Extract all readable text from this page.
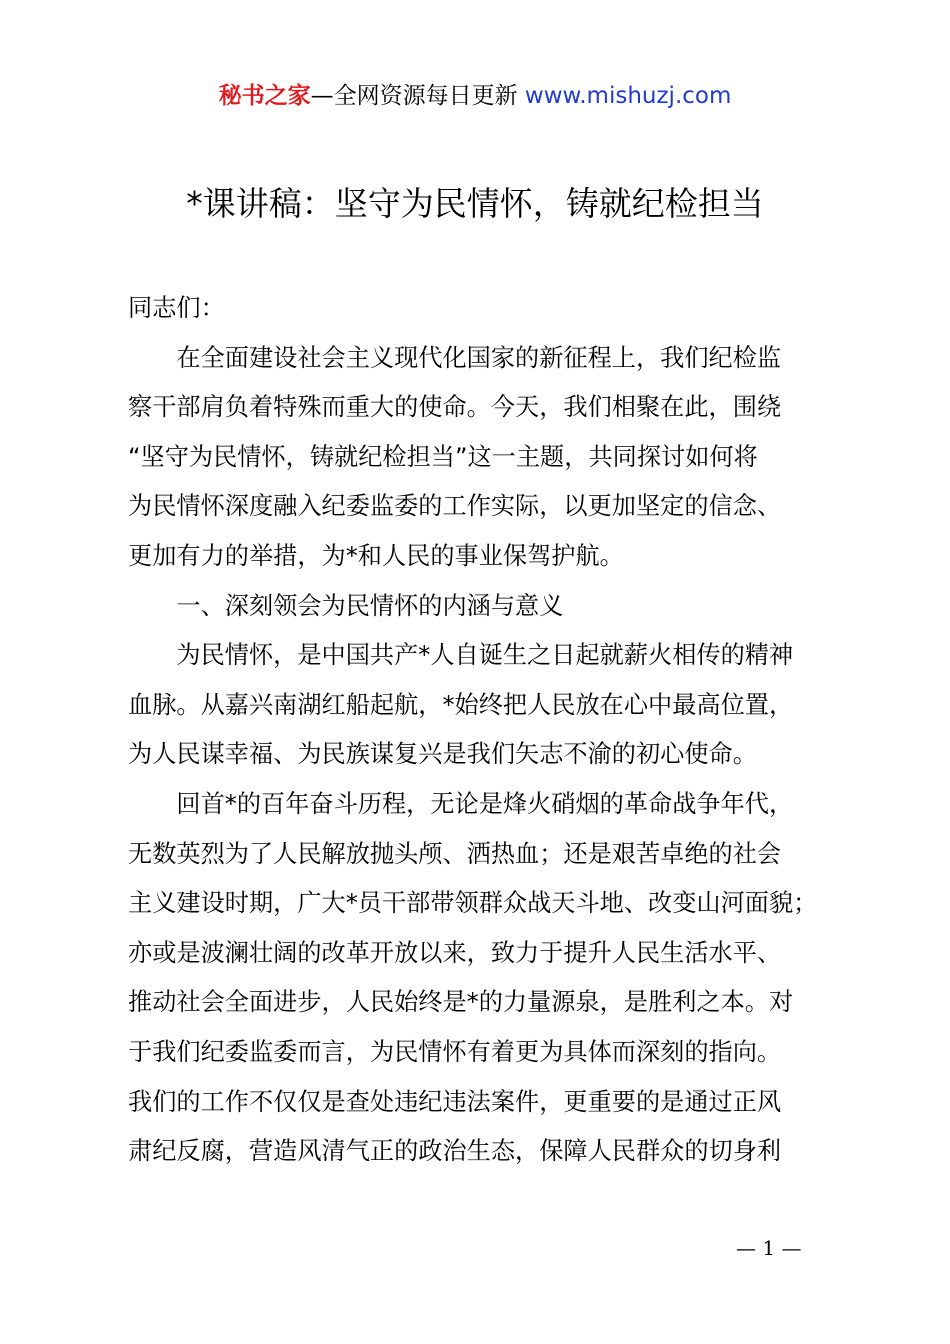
秘书之家—全网资源每日更新 www.mishuzj.com
*课讲稿：坚守为民情怀，铸就纪检担当

同志们：

在全面建设社会主义现代化国家的新征程上，我们纪检监
察干部肩负着特殊而重大的使命。今天，我们相聚在此，围绕
“坚守为民情怀，铸就纪检担当”这一主题，共同探讨如何将
为民情怀深度融入纪委监委的工作实际，以更加坚定的信念、
更加有力的举措，为*和人民的事业保驾护航。

一、深刻领会为民情怀的内涵与意义

为民情怀，是中国共产*人自诞生之日起就薪火相传的精神
血脉。从嘉兴南湖红船起航，*始终把人民放在心中最高位置，
为人民谋幸福、为民族谋复兴是我们矢志不渝的初心使命。

回首*的百年奋斗历程，无论是烽火硝烟的革命战争年代，
无数英烈为了人民解放抛头颅、洒热血；还是艰苦卓绝的社会
主义建设时期，广大*员干部带领群众战天斗地、改变山河面貌；
亦或是波澜壮阔的改革开放以来，致力于提升人民生活水平、
推动社会全面进步，人民始终是*的力量源泉，是胜利之本。对
于我们纪委监委而言，为民情怀有着更为具体而深刻的指向。
我们的工作不仅仅是查处违纪违法案件，更重要的是通过正风
肃纪反腐，营造风清气正的政治生态，保障人民群众的切身利

— 1 —
